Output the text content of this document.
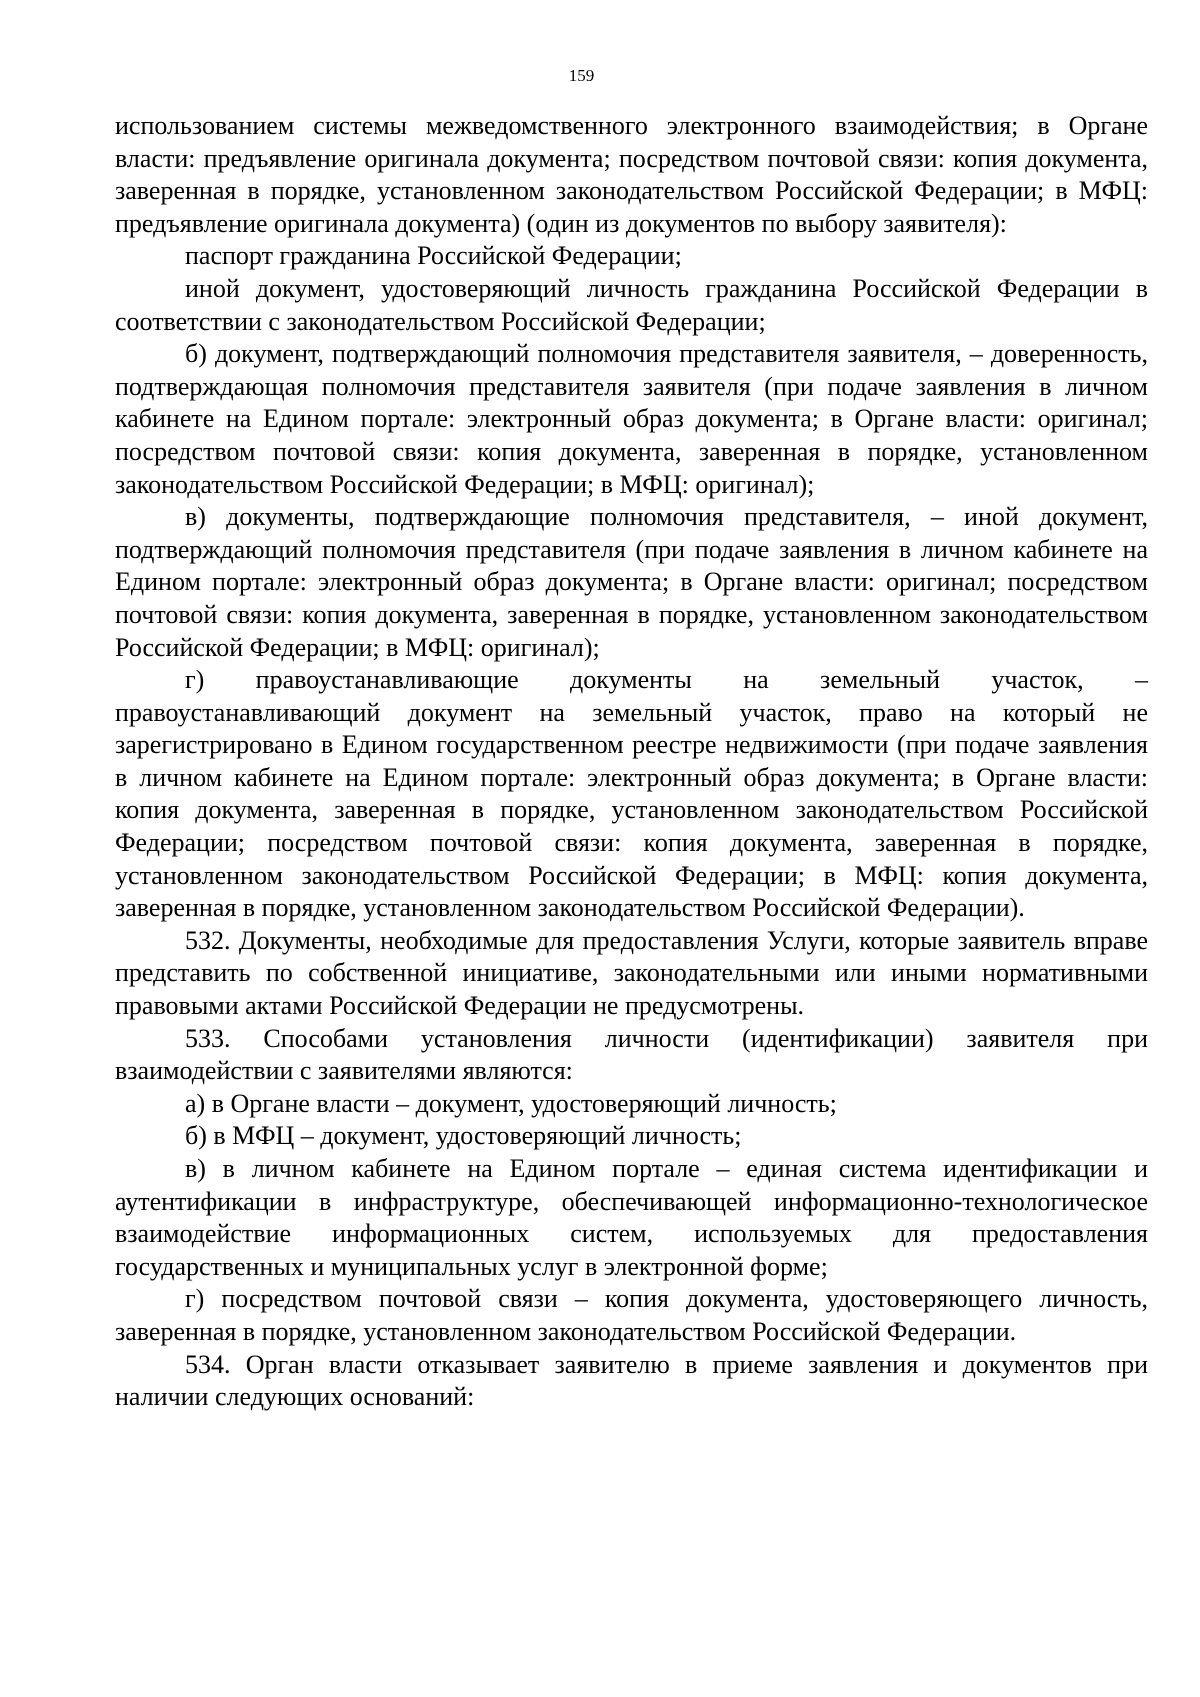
159

использованием системы межведомственного электронного взаимодействия; в Органе власти: предъявление оригинала документа; посредством почтовой связи: копия документа, заверенная в порядке, установленном законодательством Российской Федерации; в МФЦ: предъявление оригинала документа) (один из документов по выбору заявителя):

паспорт гражданина Российской Федерации;

иной документ, удостоверяющий личность гражданина Российской Федерации в соответствии с законодательством Российской Федерации;

б) документ, подтверждающий полномочия представителя заявителя, – доверенность, подтверждающая полномочия представителя заявителя (при подаче заявления в личном кабинете на Едином портале: электронный образ документа; в Органе власти: оригинал; посредством почтовой связи: копия документа, заверенная в порядке, установленном законодательством Российской Федерации; в МФЦ: оригинал);

в) документы, подтверждающие полномочия представителя, – иной документ, подтверждающий полномочия представителя (при подаче заявления в личном кабинете на Едином портале: электронный образ документа; в Органе власти: оригинал; посредством почтовой связи: копия документа, заверенная в порядке, установленном законодательством Российской Федерации; в МФЦ: оригинал);

г) правоустанавливающие документы на земельный участок, – правоустанавливающий документ на земельный участок, право на который не зарегистрировано в Едином государственном реестре недвижимости (при подаче заявления в личном кабинете на Едином портале: электронный образ документа; в Органе власти: копия документа, заверенная в порядке, установленном законодательством Российской Федерации; посредством почтовой связи: копия документа, заверенная в порядке, установленном законодательством Российской Федерации; в МФЦ: копия документа, заверенная в порядке, установленном законодательством Российской Федерации).

532. Документы, необходимые для предоставления Услуги, которые заявитель вправе представить по собственной инициативе, законодательными или иными нормативными правовыми актами Российской Федерации не предусмотрены.

533. Способами установления личности (идентификации) заявителя при взаимодействии с заявителями являются:

а) в Органе власти – документ, удостоверяющий личность;

б) в МФЦ – документ, удостоверяющий личность;

в) в личном кабинете на Едином портале – единая система идентификации и аутентификации в инфраструктуре, обеспечивающей информационно-технологическое взаимодействие информационных систем, используемых для предоставления государственных и муниципальных услуг в электронной форме;

г) посредством почтовой связи – копия документа, удостоверяющего личность, заверенная в порядке, установленном законодательством Российской Федерации.

534. Орган власти отказывает заявителю в приеме заявления и документов при наличии следующих оснований:
